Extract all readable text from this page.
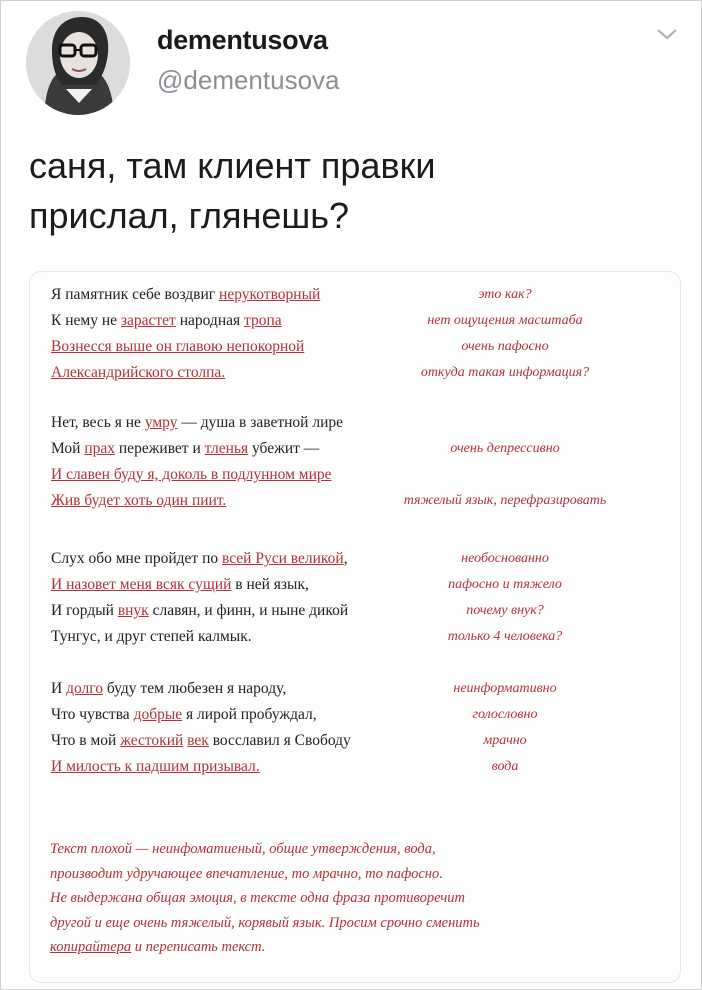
dementusova
@dementusova
саня, там клиент правки
прислал, глянешь?
Я памятник себе воздвиг нерукотворный	это как?
К нему не зарастет народная тропа	нет ощущения масштаба
Вознесся выше он главою непокорной	очень пафосно
Александрийского столпа.	откуда такая информация?
Нет, весь я не умру — душа в заветной лире
Мой прах переживет и тленья убежит —	очень депрессивно
И славен буду я, доколь в подлунном мире
Жив будет хоть один пиит.	тяжелый язык, перефразировать
Слух обо мне пройдет по всей Руси великой,	необоснованно
И назовет меня всяк сущий в ней язык,	пафосно и тяжело
И гордый внук славян, и финн, и ныне дикой	почему внук?
Тунгус, и друг степей калмык.	только 4 человека?
И долго буду тем любезен я народу,	неинформативно
Что чувства добрые я лирой пробуждал,	голословно
Что в мой жестокий век восславил я Свободу	мрачно
И милость к падшим призывал.	вода
Текст плохой — неинфоматиеный, общие утверждения, вода,
производит удручающее впечатление, то мрачно, то пафосно.
Не выдержана общая эмоция, в тексте одна фраза противоречит
другой и еще очень тяжелый, корявый язык. Просим срочно сменить
копирайтера и переписать текст.
